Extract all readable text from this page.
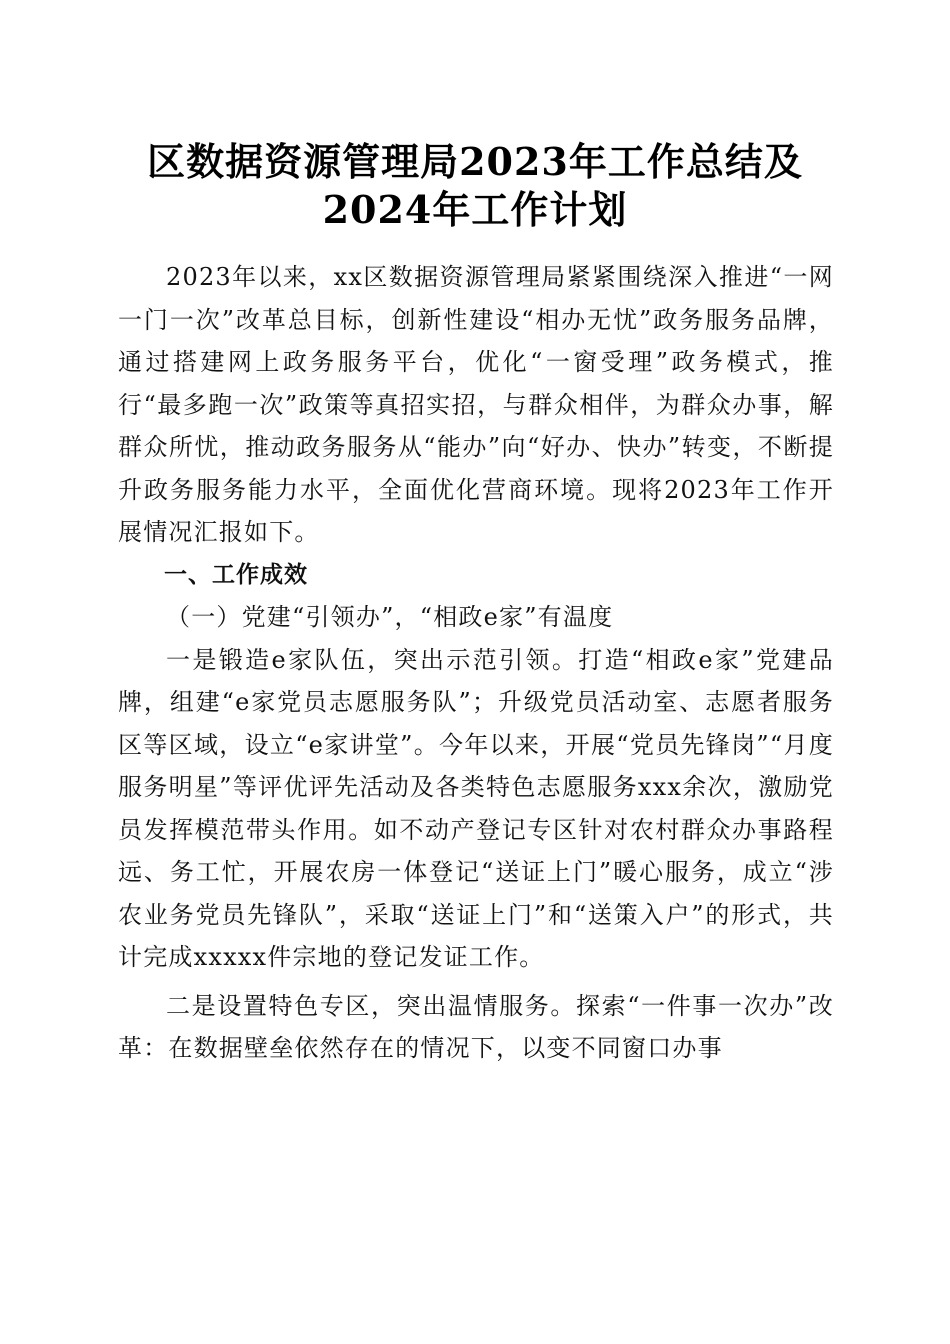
区数据资源管理局2023年工作总结及2024年工作计划

2023年以来，xx区数据资源管理局紧紧围绕深入推进“一网一门一次”改革总目标，创新性建设“相办无忧”政务服务品牌，通过搭建网上政务服务平台，优化“一窗受理”政务模式，推行“最多跑一次”政策等真招实招，与群众相伴，为群众办事，解群众所忧，推动政务服务从“能办”向“好办、快办”转变，不断提升政务服务能力水平，全面优化营商环境。现将2023年工作开展情况汇报如下。

一、工作成效

（一）党建“引领办”，“相政e家”有温度

一是锻造e家队伍，突出示范引领。打造“相政e家”党建品牌，组建“e家党员志愿服务队”；升级党员活动室、志愿者服务区等区域，设立“e家讲堂”。今年以来，开展“党员先锋岗”“月度服务明星”等评优评先活动及各类特色志愿服务xxx余次，激励党员发挥模范带头作用。如不动产登记专区针对农村群众办事路程远、务工忙，开展农房一体登记“送证上门”暖心服务，成立“涉农业务党员先锋队”，采取“送证上门”和“送策入户”的形式，共计完成xxxxx件宗地的登记发证工作。

二是设置特色专区，突出温情服务。探索“一件事一次办”改革：在数据壁垒依然存在的情况下，以变不同窗口办事
